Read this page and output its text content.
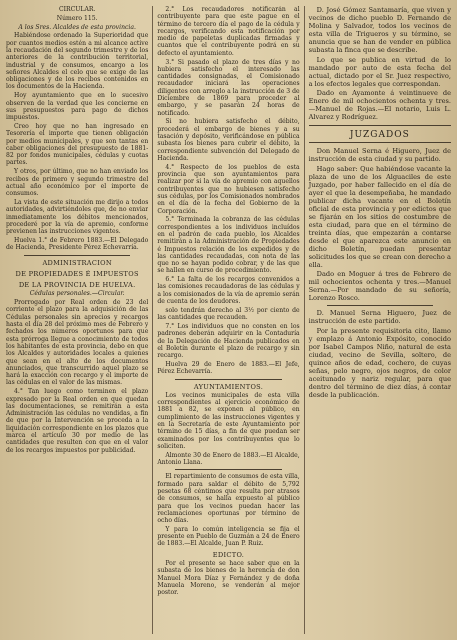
CIRCULAR.

Número 115.

A los Sres. Alcaldes de esta provincia.

Habiéndose ordenado la Superioridad que por cuantos medios estén a mi alcance active la recaudación del segundo trimestre y de los anteriores de la contribución territorial, industrial y de consumos, encargo a los señores Alcaldes el celo que se exige de las obligaciones y de los recibos contenidos en los documentos de la Hacienda.

Hoy ayuntamiento que en lo sucesivo observen de la verdad que les concierne en sus presupuestos para pago de dichos impuestos.

Creo hoy que no han ingresado en Tesorería el importe que tienen obligación por medios municipales, y que son tantas en caber obligaciones del presupuesto de 1881-82 por fondos municipales, cédulas y cuotas partes.

Y otros, por último, que no han enviado los recibos de primero y segundo trimestre del actual año económico por el importe de consumos.

La vista de este situación me dirijo a todos autoridades, advirtiéndoles que, de no enviar inmediatamente los débitos mencionados, procederé por la vía de apremio, conforme previenen las instrucciones vigentes.

Huelva 1.° de Febrero 1883.—El Delegado de Hacienda, Presidente Pérez Echevarría.

ADMINISTRACION
DE PROPIEDADES É IMPUESTOS
DE LA PROVINCIA DE HUELVA.

Cédulas personales.—Circular.

Prorrogado por Real orden de 23 del corriente el plazo para la adquisición de las Cédulas personales sin aprecios y recargos hasta el día 28 del próximo mes de Febrero y fechados los números oportunos para que esta prórroga llegue a conocimiento de todos los habitantes de esta provincia, debo en que los Alcaldes y autoridades locales a quienes que sean en el alto de los documentos anunciados, que transcurrido aquel plazo se hará la exacción con recargo y el importe de las cédulas en el valor de las mismas.

4.° Tan luego como terminen el plazo expresado por la Real orden en que quedan las documentaciones, se remitirán a esta Administración las cédulas no vendidas, a fin de que por la Intervención se proceda a la liquidación correspondiente en los plazos que marca el artículo 30 por medio de las cantidades que resulten con que en el valor de los recargos impuestos por publicidad.

2.° Los recaudadores notificarán al contribuyente para que este pague en el término de tercero día el pago de la cédula y recargos, verificando esta notificación por medio de papeletas duplicadas firmadas y cuantos que el contribuyente podrá en su defecto el ayuntamiento.

3.° Si pasado el plazo de tres días y no hubiera satisfecho el interesado las cantidades consignadas, el Comisionado recaudador iniciará las operaciones diligentes con arreglo a la instrucción de 3 de Diciembre de 1869 para proceder al embargo, y se pasarán 24 horas de notificado.

Si no hubiera satisfecho el débito, procederá el embargo de bienes y a su tasación y depósito, verificándose en pública subasta los bienes para cubrir el débito, la correspondiente subvención del Delegado de Hacienda.

4.° Respecto de los pueblos de esta provincia que son ayuntamientos para realizar por si la vía de apremio con aquellos contribuyentes que no hubiesen satisfecho sus cédulas, por los Comisionados nombrados en el día de la fecha del Gobierno de la Corporación.

5.° Terminada la cobranza de las cédulas correspondientes a los individuos incluídos en el padrón de cada pueblo, los Alcaldes remitirán a la Administración de Propiedades é Impuestos relación de los expedidos y de las cantidades recaudadas, con nota de las que no se hayan podido cobrar, y de las que se hallen en curso de procedimiento.

6.° La falta de los recargos convenidos a las comisiones recaudadoras de las cédulas y a los comisionados de la vía de apremio serán de cuenta de los deudores.

solo tendrán derecho al 3½ por ciento de las cantidades que recauden.

7.° Los individuos que no consten en los padrones deberán adquirir en la Contaduría de la Delegación de Hacienda publicados en el Boletín durante el plazo de recargo y sin recargo.

Huelva 29 de Enero de 1883.—El Jefe, Pérez Echevarría.

AYUNTAMIENTOS.

Los vecinos municipales de esta villa correspondientes al ejercicio económico de 1881 a 82, se exponen al público, en cumplimiento de las instrucciones vigentes y en la Secretaría de este Ayuntamiento por término de 15 días, a fin de que puedan ser examinados por los contribuyentes que lo soliciten.

Almonte 30 de Enero de 1883.—El Alcalde, Antonio Llana.

El repartimiento de consumos de esta villa, formado para saldar el débito de 5,792 pesetas 68 céntimos que resulta por atrasos de consumos, se halla expuesto al público para que los vecinos puedan hacer las reclamaciones oportunas por término de ocho días.

Y para lo común inteligencia se fija el presente en Pueblo de Guzmán a 24 de Enero de 1883.—El Alcalde, Juan P. Ruiz.

EDICTO.

Por el presente se hace saber que en la subasta de los bienes de la herencia de don Manuel Mora Díaz y Fernández y de doña Manuela Moreno, se venderán al mejor postor.

D. José Gómez Santamaría, que viven y vecinos de dicho pueblo D. Fernando de Molina y Salvador, todos los vecinos de esta villa de Trigueros y su término, se anuncia que se han de vender en pública subasta la finca que se describe.

Lo que se publica en virtud de lo mandado por auto de esta fecha del actual, dictado por el Sr. Juez respectivo, a los efectos legales que correspondan.

Dado en Ayamonte á veintinueve de Enero de mil ochocientos ochenta y tres.—Manuel de Rojas.—El notario, Luis L. Alvarez y Rodríguez.

JUZGADOS

Don Manuel Serna é Higuero, Juez de instrucción de esta ciudad y su partido.

Hago saber: Que habiéndose vacante la plaza de uno de los Alguaciles de este Juzgado, por haber fallecido en el día de ayer el que la desempeñaba, he mandado publicar dicha vacante en el Boletín oficial de esta provincia y por edictos que se fijarán en los sitios de costumbre de esta ciudad, para que en el término de treinta días, que empezarán a contarse desde el que aparezca este anuncio en dicho Boletín, puedan presentar solicitudes los que se crean con derecho a ella.

Dado en Moguer á tres de Febrero de mil ochocientos ochenta y tres.—Manuel Serna.—Por mandado de su señoría, Lorenzo Rosco.

D. Manuel Serna Higuero, Juez de instrucción de este partido.

Por la presente requisitoria cito, llamo y emplazo á Antonio Expósito, conocido por Isabel Campos Niño, natural de esta ciudad, vecino de Sevilla, soltero, de quince años de edad, cochero, de cuyas señas, pelo negro, ojos negros, de color aceitunado y nariz regular, para que dentro del término de diez días, á contar desde la publicación.
